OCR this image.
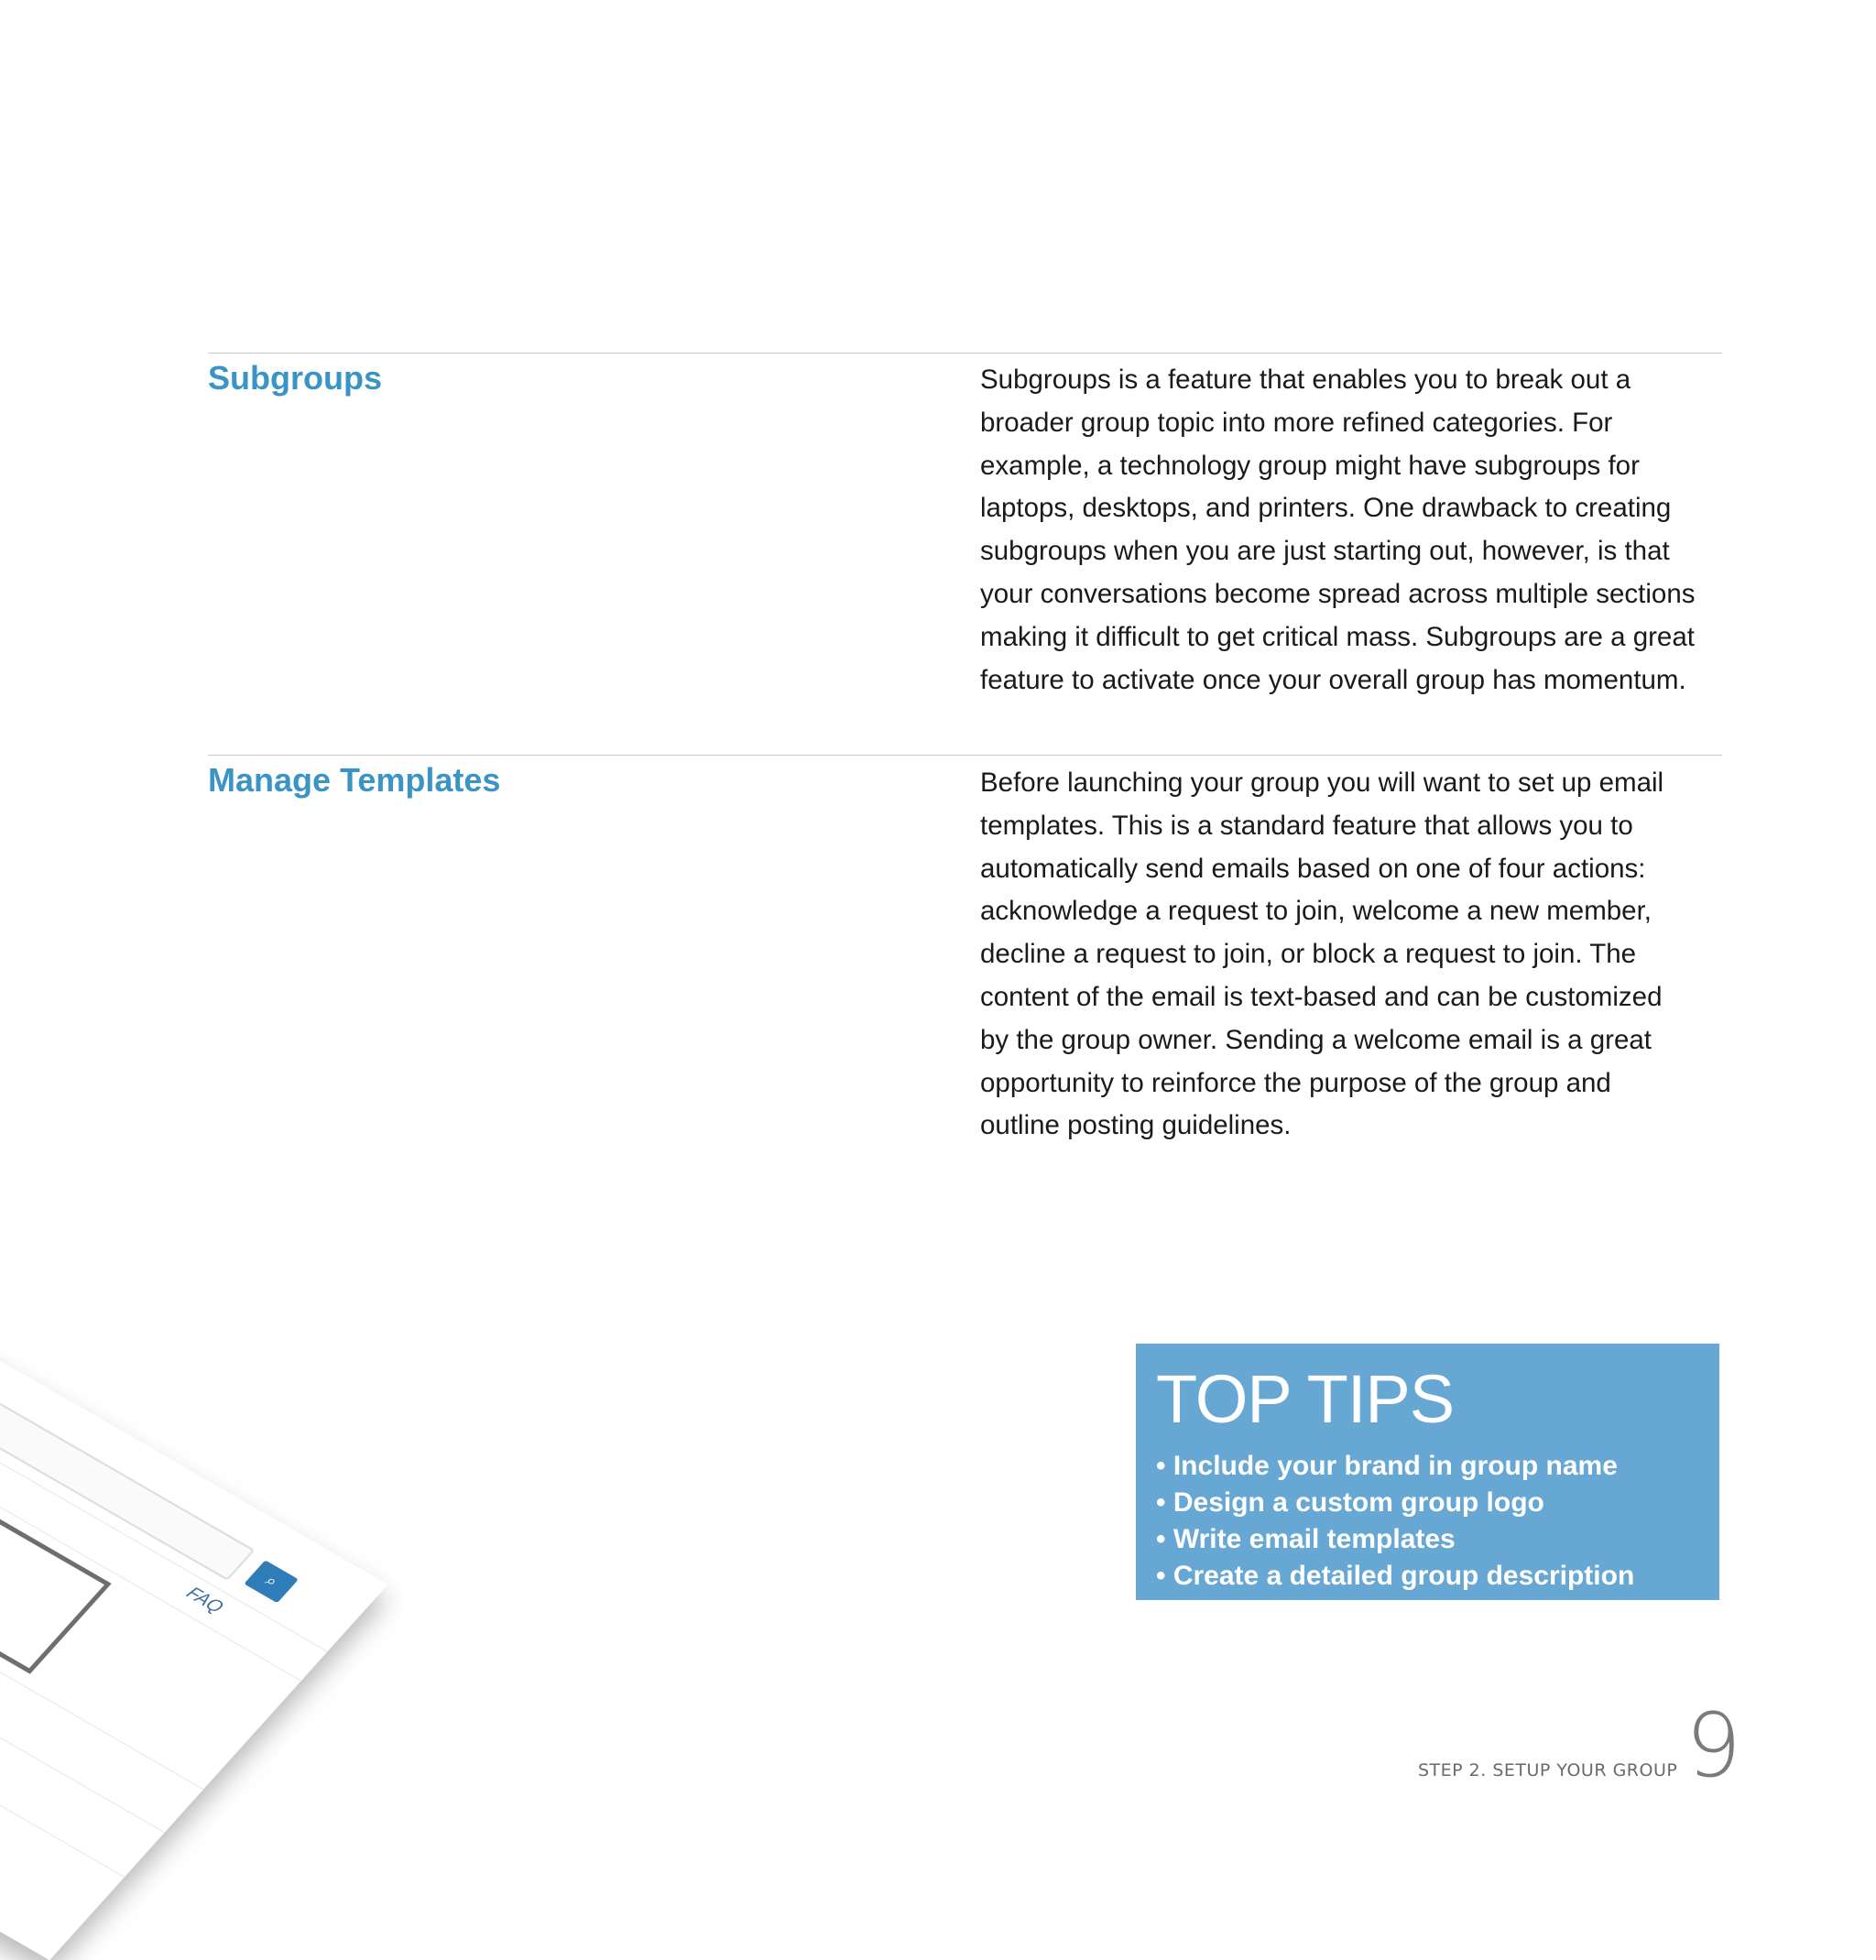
Subgroups	Subgroups is a feature that enables you to break out a
broader group topic into more refined categories. For
example, a technology group might have subgroups for
laptops, desktops, and printers. One drawback to creating
subgroups when you are just starting out, however, is that
your conversations become spread across multiple sections
making it difficult to get critical mass. Subgroups are a great
feature to activate once your overall group has momentum.

Manage Templates	Before launching your group you will want to set up email
templates. This is a standard feature that allows you to
automatically send emails based on one of four actions:
acknowledge a request to join, welcome a new member,
decline a request to join, or block a request to join. The
content of the email is text-based and can be customized
by the group owner. Sending a welcome email is a great
opportunity to reinforce the purpose of the group and
outline posting guidelines.

⌕
FAQ

TOP TIPS
• Include your brand in group name
• Design a custom group logo
• Write email templates
• Create a detailed group description
STEP 2. SETUP YOUR GROUP 9
